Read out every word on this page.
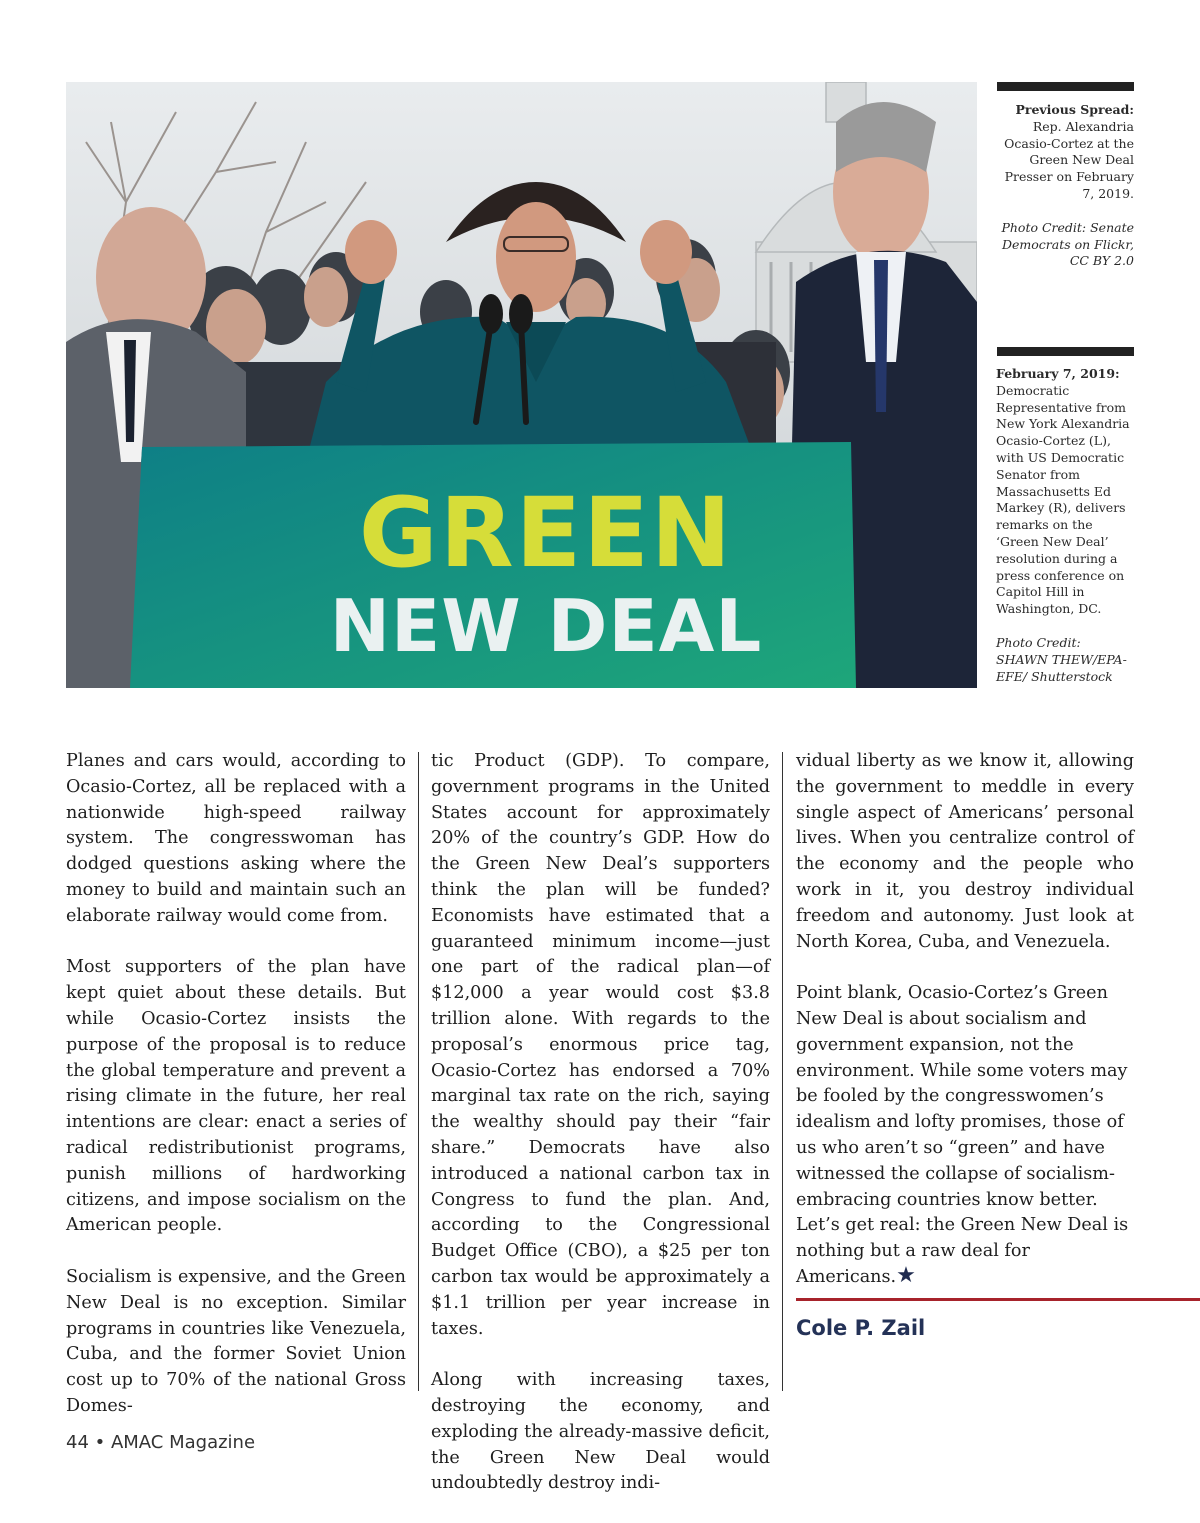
GREEN
NEW DEAL
Previous Spread: Rep. Alexandria Ocasio-Cortez at the Green New Deal Presser on February 7, 2019.
Photo Credit: Senate Democrats on Flickr, CC BY 2.0
February 7, 2019: Democratic Representative from New York Alexandria Ocasio-Cortez (L), with US Democratic Senator from Massachusetts Ed Markey (R), delivers remarks on the ‘Green New Deal’ resolution during a press conference on Capitol Hill in Washington, DC.
Photo Credit: SHAWN THEW/EPA-EFE/ Shutterstock

Planes and cars would, according to Ocasio-Cortez, all be replaced with a nationwide high-speed railway system. The congresswoman has dodged questions asking where the money to build and maintain such an elaborate railway would come from.

Most supporters of the plan have kept quiet about these details. But while Ocasio-Cortez insists the purpose of the proposal is to reduce the global temperature and prevent a rising climate in the future, her real intentions are clear: enact a series of radical redistributionist programs, punish millions of hardworking citizens, and impose socialism on the American people.

Socialism is expensive, and the Green New Deal is no exception. Similar programs in countries like Venezuela, Cuba, and the former Soviet Union cost up to 70% of the national Gross Domes-

tic Product (GDP). To compare, government programs in the United States account for approximately 20% of the country’s GDP. How do the Green New Deal’s supporters think the plan will be funded? Economists have estimated that a guaranteed minimum income—just one part of the radical plan—of $12,000 a year would cost $3.8 trillion alone. With regards to the proposal’s enormous price tag, Ocasio-Cortez has endorsed a 70% marginal tax rate on the rich, saying the wealthy should pay their “fair share.” Democrats have also introduced a national carbon tax in Congress to fund the plan. And, according to the Congressional Budget Office (CBO), a $25 per ton carbon tax would be approximately a $1.1 trillion per year increase in taxes.

Along with increasing taxes, destroying the economy, and exploding the already-massive deficit, the Green New Deal would undoubtedly destroy indi-

vidual liberty as we know it, allowing the government to meddle in every single aspect of Americans’ personal lives. When you centralize control of the economy and the people who work in it, you destroy individual freedom and autonomy. Just look at North Korea, Cuba, and Venezuela.

Point blank, Ocasio-Cortez’s Green New Deal is about socialism and government expansion, not the environment. While some voters may be fooled by the congresswomen’s idealism and lofty promises, those of us who aren’t so “green” and have witnessed the collapse of socialism-embracing countries know better. Let’s get real: the Green New Deal is nothing but a raw deal for Americans.★

Cole P. Zail
44 • AMAC Magazine
